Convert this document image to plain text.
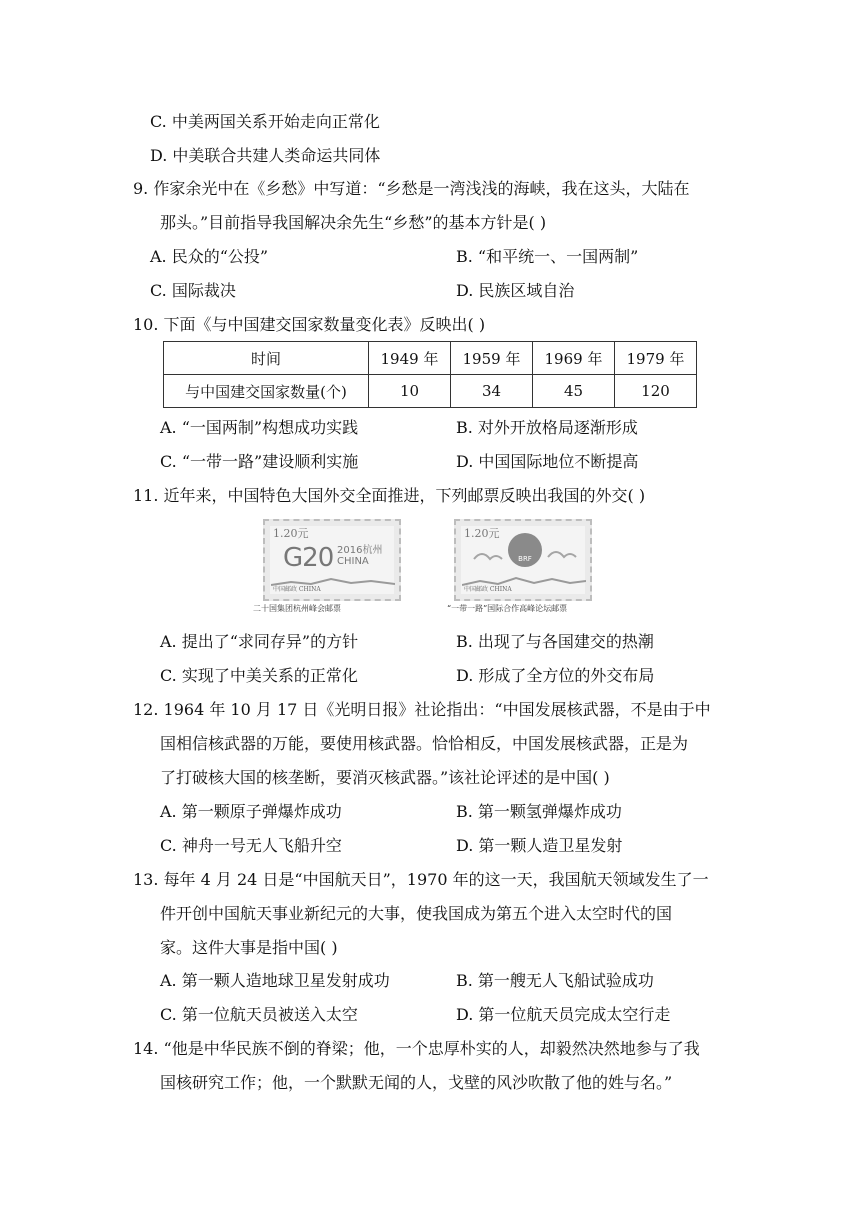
C. 中美两国关系开始走向正常化
D. 中美联合共建人类命运共同体
9. 作家余光中在《乡愁》中写道：“乡愁是一湾浅浅的海峡，我在这头，大陆在
那头。”目前指导我国解决余先生“乡愁”的基本方针是( )
A. 民众的“公投”	B. “和平统一、一国两制”
C. 国际裁决	D. 民族区域自治
10. 下面《与中国建交国家数量变化表》反映出( )
时间	1949 年	1959 年	1969 年	1979 年
与中国建交国家数量(个)	10	34	45	120
A. “一国两制”构想成功实践	B. 对外开放格局逐渐形成
C. “一带一路”建设顺利实施	D. 中国国际地位不断提高
11. 近年来，中国特色大国外交全面推进，下列邮票反映出我国的外交( )
1.20元
G20 2016杭州
CHINA
中国邮政 CHINA
二十国集团杭州峰会邮票
1.20元
BRF
中国邮政 CHINA
“一带一路”国际合作高峰论坛邮票
A. 提出了“求同存异”的方针	B. 出现了与各国建交的热潮
C. 实现了中美关系的正常化	D. 形成了全方位的外交布局
12. 1964 年 10 月 17 日《光明日报》社论指出：“中国发展核武器，不是由于中
国相信核武器的万能，要使用核武器。恰恰相反，中国发展核武器，正是为
了打破核大国的核垄断，要消灭核武器。”该社论评述的是中国( )
A. 第一颗原子弹爆炸成功	B. 第一颗氢弹爆炸成功
C. 神舟一号无人飞船升空	D. 第一颗人造卫星发射
13. 每年 4 月 24 日是“中国航天日”，1970 年的这一天，我国航天领域发生了一
件开创中国航天事业新纪元的大事，使我国成为第五个进入太空时代的国
家。这件大事是指中国( )
A. 第一颗人造地球卫星发射成功	B. 第一艘无人飞船试验成功
C. 第一位航天员被送入太空	D. 第一位航天员完成太空行走
14. “他是中华民族不倒的脊梁；他，一个忠厚朴实的人，却毅然决然地参与了我
国核研究工作；他，一个默默无闻的人，戈壁的风沙吹散了他的姓与名。”
